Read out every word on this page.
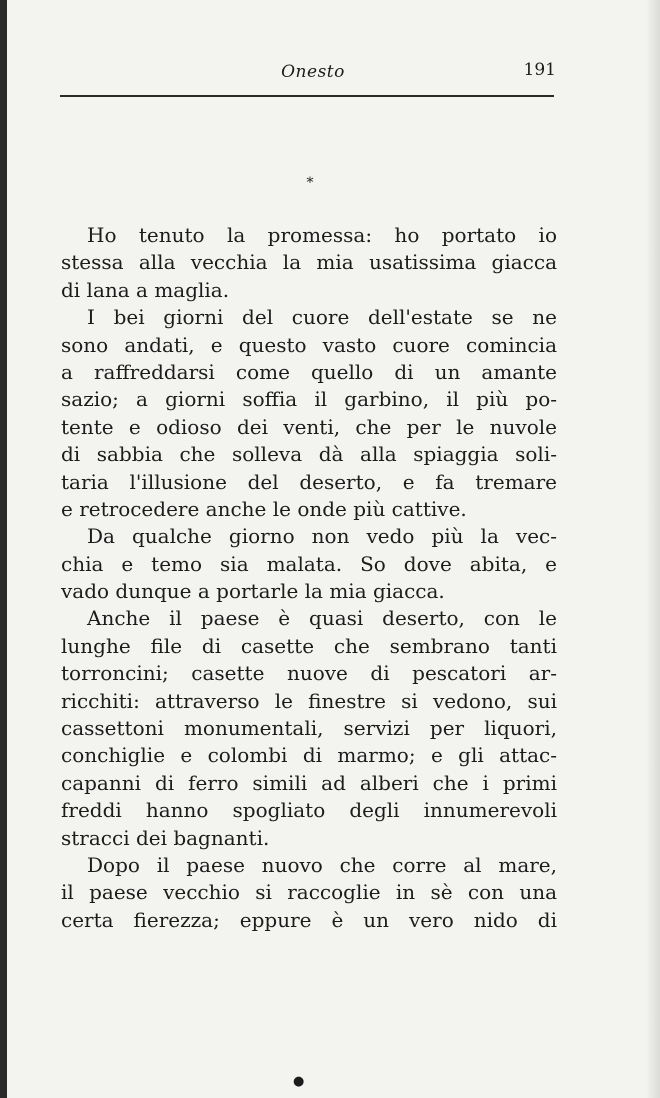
Onesto	191
*
Ho tenuto la promessa: ho portato io
stessa alla vecchia la mia usatissima giacca
di lana a maglia.
I bei giorni del cuore dell'estate se ne
sono andati, e questo vasto cuore comincia
a raffreddarsi come quello di un amante
sazio; a giorni soffia il garbino, il più po-
tente e odioso dei venti, che per le nuvole
di sabbia che solleva dà alla spiaggia soli-
taria l'illusione del deserto, e fa tremare
e retrocedere anche le onde più cattive.
Da qualche giorno non vedo più la vec-
chia e temo sia malata. So dove abita, e
vado dunque a portarle la mia giacca.
Anche il paese è quasi deserto, con le
lunghe file di casette che sembrano tanti
torroncini; casette nuove di pescatori ar-
ricchiti: attraverso le finestre si vedono, sui
cassettoni monumentali, servizi per liquori,
conchiglie e colombi di marmo; e gli attac-
capanni di ferro simili ad alberi che i primi
freddi hanno spogliato degli innumerevoli
stracci dei bagnanti.
Dopo il paese nuovo che corre al mare,
il paese vecchio si raccoglie in sè con una
certa fierezza; eppure è un vero nido di
●
